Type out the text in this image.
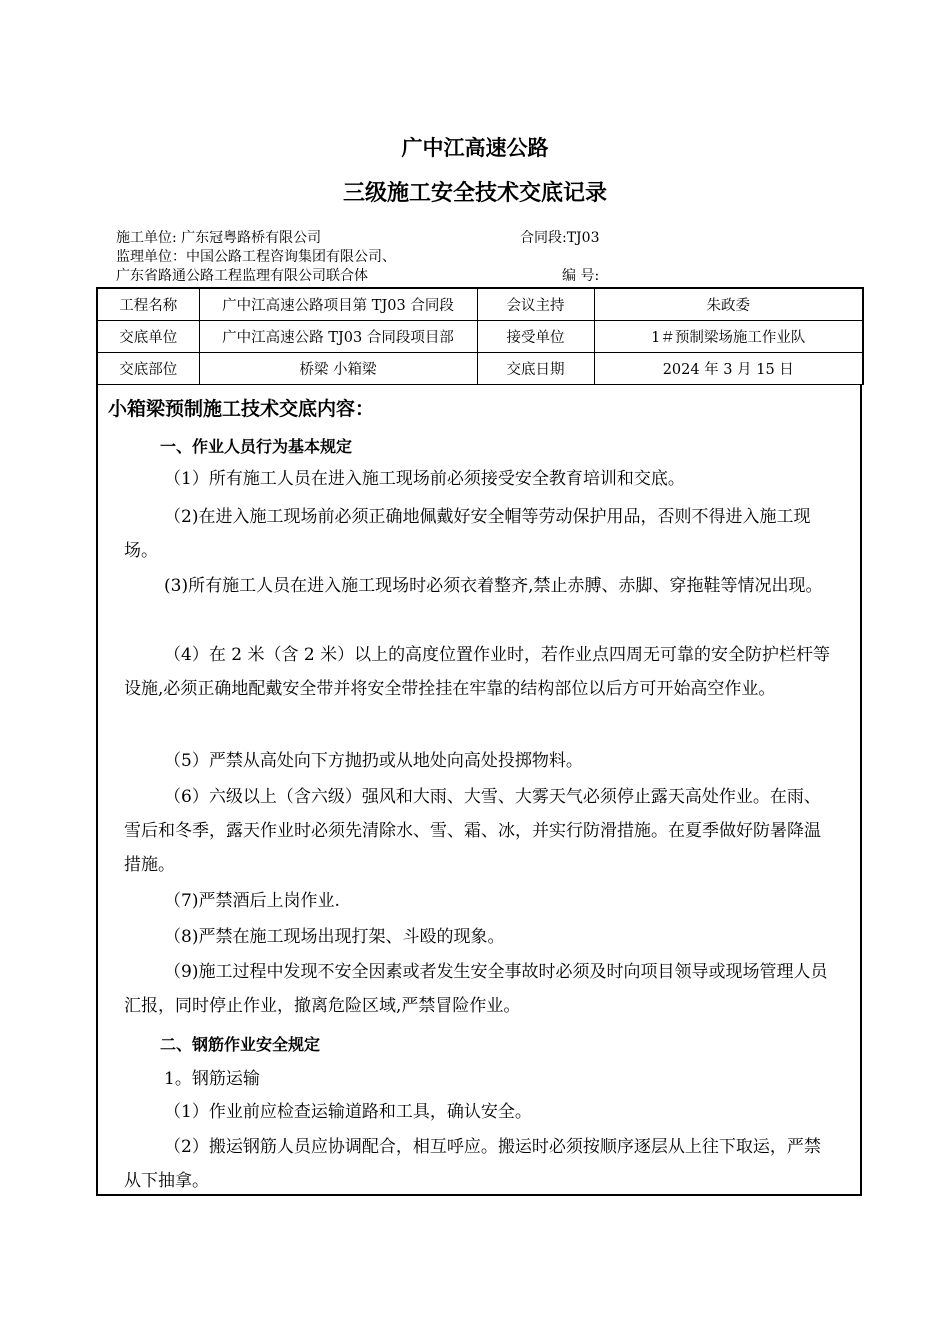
广中江高速公路
三级施工安全技术交底记录
施工单位: 广东冠粤路桥有限公司	合同段:TJ03
监理单位：中国公路工程咨询集团有限公司、
广东省路通公路工程监理有限公司联合体	编 号:
工程名称	广中江高速公路项目第 TJ03 合同段	会议主持	朱政委
交底单位	广中江高速公路 TJ03 合同段项目部	接受单位	1＃预制梁场施工作业队
交底部位	桥梁 小箱梁	交底日期	2024 年 3 月 15 日
小箱梁预制施工技术交底内容：
一、作业人员行为基本规定
（1）所有施工人员在进入施工现场前必须接受安全教育培训和交底。
（2)在进入施工现场前必须正确地佩戴好安全帽等劳动保护用品，否则不得进入施工现场。
(3)所有施工人员在进入施工现场时必须衣着整齐,禁止赤膊、赤脚、穿拖鞋等情况出现。
（4）在 2 米（含 2 米）以上的高度位置作业时，若作业点四周无可靠的安全防护栏杆等设施,必须正确地配戴安全带并将安全带拴挂在牢靠的结构部位以后方可开始高空作业。
（5）严禁从高处向下方抛扔或从地处向高处投掷物料。
（6）六级以上（含六级）强风和大雨、大雪、大雾天气必须停止露天高处作业。在雨、雪后和冬季，露天作业时必须先清除水、雪、霜、冰，并实行防滑措施。在夏季做好防暑降温措施。
（7)严禁酒后上岗作业.
（8)严禁在施工现场出现打架、斗殴的现象。
（9)施工过程中发现不安全因素或者发生安全事故时必须及时向项目领导或现场管理人员汇报，同时停止作业，撤离危险区域,严禁冒险作业。
二、钢筋作业安全规定
1。钢筋运输
（1）作业前应检查运输道路和工具，确认安全。
（2）搬运钢筋人员应协调配合，相互呼应。搬运时必须按顺序逐层从上往下取运，严禁从下抽拿。
